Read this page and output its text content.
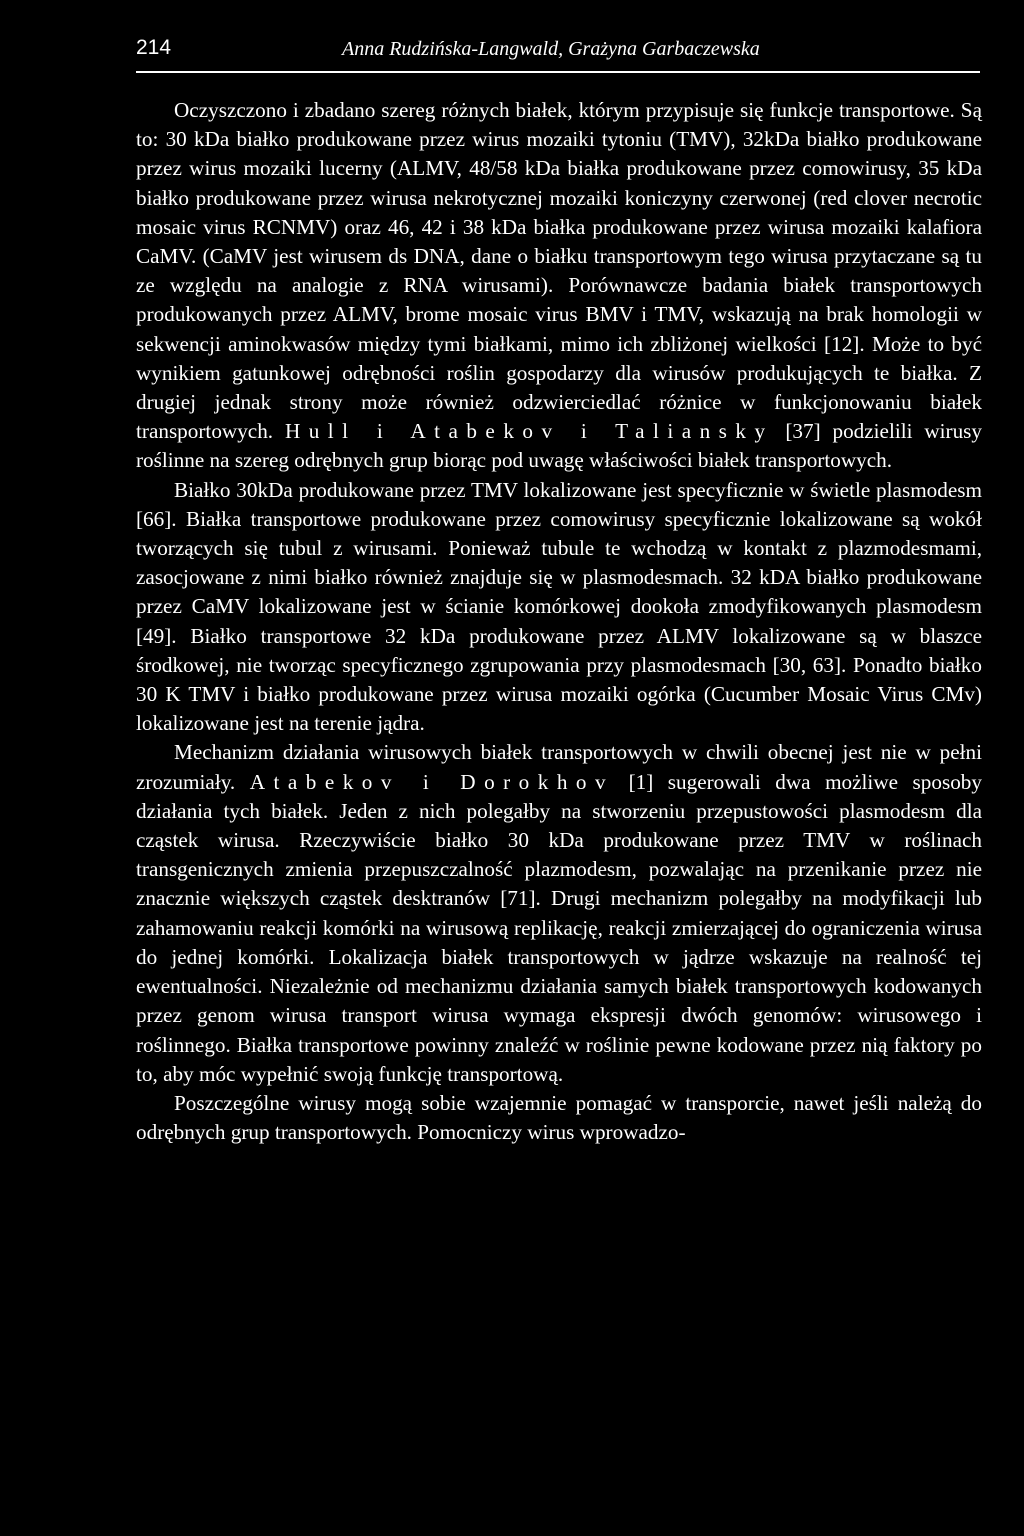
214	Anna Rudzińska-Langwald, Grażyna Garbaczewska

Oczyszczono i zbadano szereg różnych białek, którym przypisuje się funkcje transportowe. Są to: 30 kDa białko produkowane przez wirus mozaiki tytoniu (TMV), 32kDa białko produkowane przez wirus mozaiki lucerny (ALMV, 48/58 kDa białka produkowane przez comowirusy, 35 kDa białko produkowane przez wirusa nekrotycznej mozaiki koniczyny czerwonej (red clover necrotic mosaic virus RCNMV) oraz 46, 42 i 38 kDa białka produkowane przez wirusa mozaiki kalafiora CaMV. (CaMV jest wirusem ds DNA, dane o białku transportowym tego wirusa przytaczane są tu ze względu na analogie z RNA wirusami). Porównawcze badania białek transportowych produkowanych przez ALMV, brome mosaic virus BMV i TMV, wskazują na brak homologii w sekwencji aminokwasów między tymi białkami, mimo ich zbliżonej wielkości [12]. Może to być wynikiem gatunkowej odrębności roślin gospodarzy dla wirusów produkujących te białka. Z drugiej jednak strony może również odzwierciedlać różnice w funkcjonowaniu białek transportowych. Hull i Atabekov i Taliansky [37] podzielili wirusy roślinne na szereg odrębnych grup biorąc pod uwagę właściwości białek transportowych.

Białko 30kDa produkowane przez TMV lokalizowane jest specyficznie w świetle plasmodesm [66]. Białka transportowe produkowane przez comowirusy specyficznie lokalizowane są wokół tworzących się tubul z wirusami. Ponieważ tubule te wchodzą w kontakt z plazmodesmami, zasocjowane z nimi białko również znajduje się w plasmodesmach. 32 kDA białko produkowane przez CaMV lokalizowane jest w ścianie komórkowej dookoła zmodyfikowanych plasmodesm [49]. Białko transportowe 32 kDa produkowane przez ALMV lokalizowane są w blaszce środkowej, nie tworząc specyficznego zgrupowania przy plasmodesmach [30, 63]. Ponadto białko 30 K TMV i białko produkowane przez wirusa mozaiki ogórka (Cucumber Mosaic Virus CMv) lokalizowane jest na terenie jądra.

Mechanizm działania wirusowych białek transportowych w chwili obecnej jest nie w pełni zrozumiały. Atabekov i Dorokhov [1] sugerowali dwa możliwe sposoby działania tych białek. Jeden z nich polegałby na stworzeniu przepustowości plasmodesm dla cząstek wirusa. Rzeczywiście białko 30 kDa produkowane przez TMV w roślinach transgenicznych zmienia przepuszczalność plazmodesm, pozwalając na przenikanie przez nie znacznie większych cząstek desktranów [71]. Drugi mechanizm polegałby na modyfikacji lub zahamowaniu reakcji komórki na wirusową replikację, reakcji zmierzającej do ograniczenia wirusa do jednej komórki. Lokalizacja białek transportowych w jądrze wskazuje na realność tej ewentualności. Niezależnie od mechanizmu działania samych białek transportowych kodowanych przez genom wirusa transport wirusa wymaga ekspresji dwóch genomów: wirusowego i roślinnego. Białka transportowe powinny znaleźć w roślinie pewne kodowane przez nią faktory po to, aby móc wypełnić swoją funkcję transportową.

Poszczególne wirusy mogą sobie wzajemnie pomagać w transporcie, nawet jeśli należą do odrębnych grup transportowych. Pomocniczy wirus wprowadzo-
